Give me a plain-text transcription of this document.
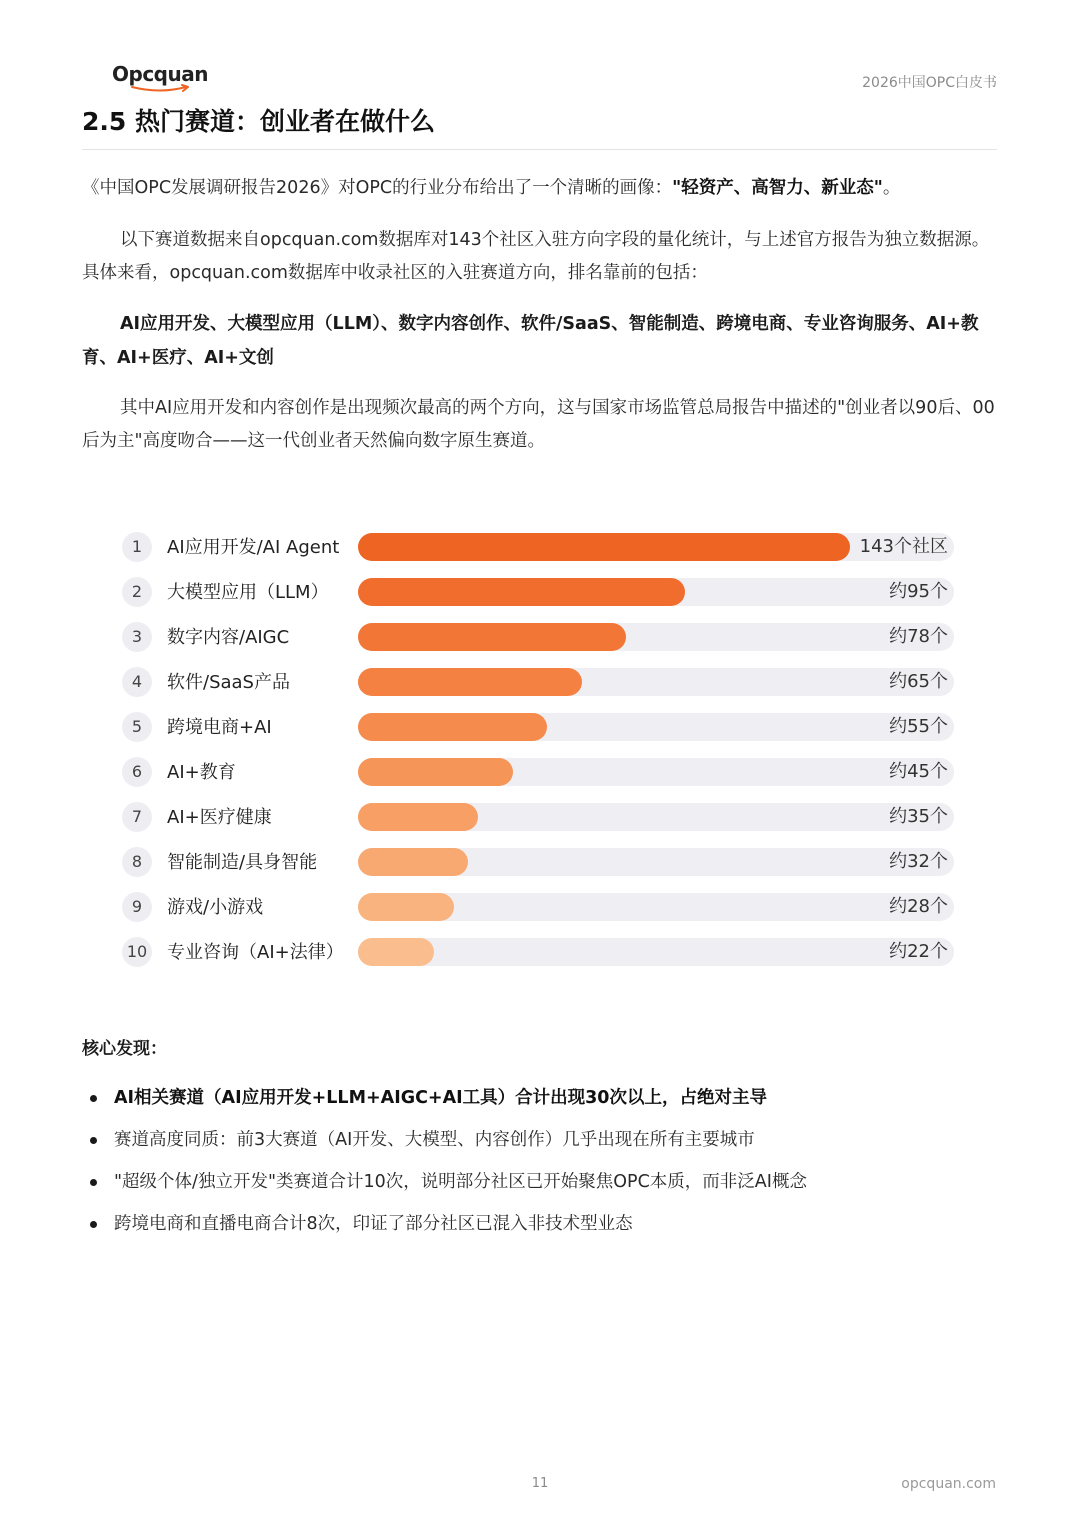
Opcquan	2026中国OPC白皮书
2.5 热门赛道：创业者在做什么

《中国OPC发展调研报告2026》对OPC的行业分布给出了一个清晰的画像："轻资产、高智力、新业态"。

以下赛道数据来自opcquan.com数据库对143个社区入驻方向字段的量化统计，与上述官方报告为独立数据源。具体来看，opcquan.com数据库中收录社区的入驻赛道方向，排名靠前的包括：

AI应用开发、大模型应用（LLM）、数字内容创作、软件/SaaS、智能制造、跨境电商、专业咨询服务、AI+教育、AI+医疗、AI+文创

其中AI应用开发和内容创作是出现频次最高的两个方向，这与国家市场监管总局报告中描述的"创业者以90后、00后为主"高度吻合——这一代创业者天然偏向数字原生赛道。

1	AI应用开发/AI Agent	143个社区
2	大模型应用（LLM）	约95个
3	数字内容/AIGC	约78个
4	软件/SaaS产品	约65个
5	跨境电商+AI	约55个
6	AI+教育	约45个
7	AI+医疗健康	约35个
8	智能制造/具身智能	约32个
9	游戏/小游戏	约28个
10 专业咨询（AI+法律）	约22个
核心发现：
AI相关赛道（AI应用开发+LLM+AIGC+AI工具）合计出现30次以上，占绝对主导
赛道高度同质：前3大赛道（AI开发、大模型、内容创作）几乎出现在所有主要城市
"超级个体/独立开发"类赛道合计10次，说明部分社区已开始聚焦OPC本质，而非泛AI概念
跨境电商和直播电商合计8次，印证了部分社区已混入非技术型业态
11	opcquan.com
